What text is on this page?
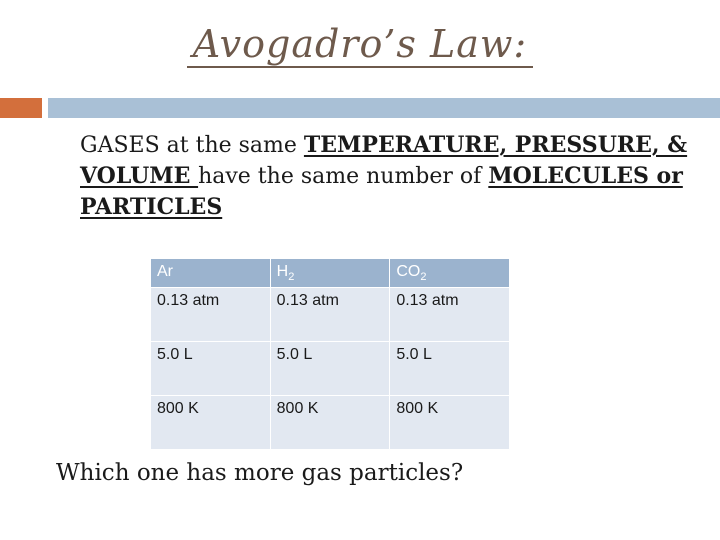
Avogadro’s Law:
GASES at the same TEMPERATURE, PRESSURE, & VOLUME have the same number of MOLECULES or PARTICLES
Ar	$H_2$	$CO_2$
0.13 atm	0.13 atm	0.13 atm
5.0 L	5.0 L	5.0 L
800 K	800 K	800 K
Which one has more gas particles?
